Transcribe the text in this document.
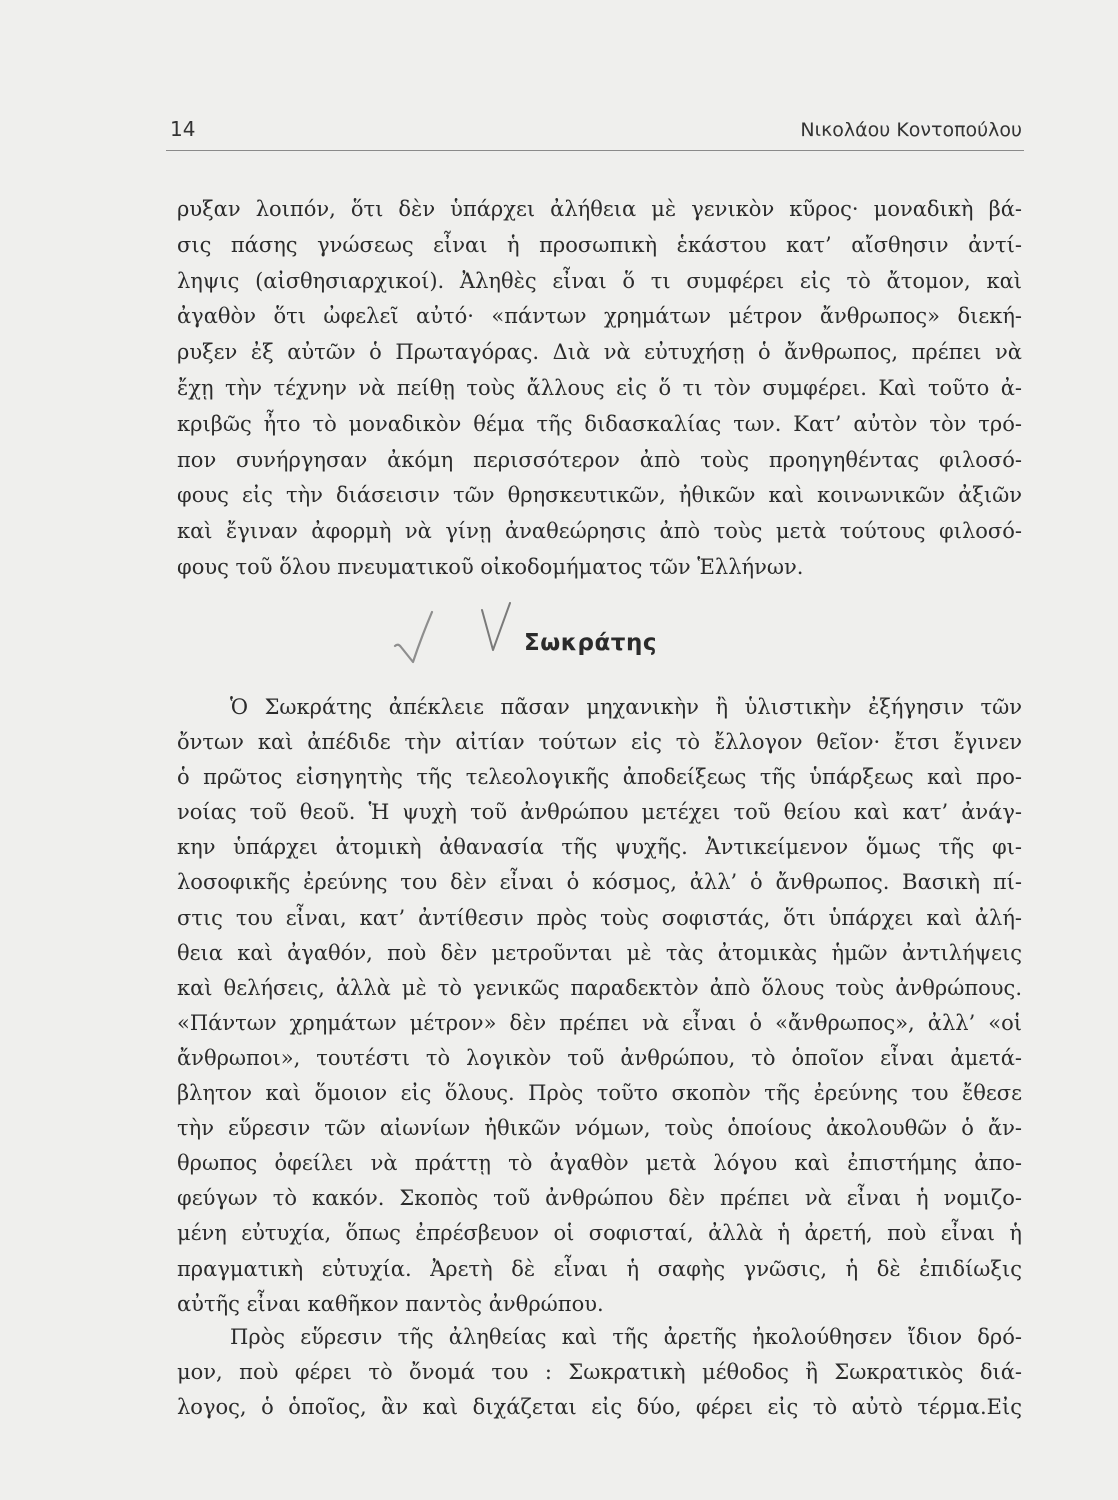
14	Νικολάου Κοντοπούλου
ρυξαν λοιπόν, ὅτι δὲν ὑπάρχει ἀλήθεια μὲ γενικὸν κῦρος· μοναδικὴ βά-
σις πάσης γνώσεως εἶναι ἡ προσωπικὴ ἑκάστου κατ’ αἴσθησιν ἀντί-
ληψις (αἰσθησιαρχικοί). Ἀληθὲς εἶναι ὅ τι συμφέρει εἰς τὸ ἄτομον, καὶ
ἀγαθὸν ὅτι ὠφελεῖ αὐτό· «πάντων χρημάτων μέτρον ἄνθρωπος» διεκή-
ρυξεν ἐξ αὐτῶν ὁ Πρωταγόρας. Διὰ νὰ εὐτυχήσῃ ὁ ἄνθρωπος, πρέπει νὰ
ἔχῃ τὴν τέχνην νὰ πείθῃ τοὺς ἄλλους εἰς ὅ τι τὸν συμφέρει. Καὶ τοῦτο ἀ-
κριβῶς ἦτο τὸ μοναδικὸν θέμα τῆς διδασκαλίας των. Κατ’ αὐτὸν τὸν τρό-
πον συνήργησαν ἀκόμη περισσότερον ἀπὸ τοὺς προηγηθέντας φιλοσό-
φους εἰς τὴν διάσεισιν τῶν θρησκευτικῶν, ἠθικῶν καὶ κοινωνικῶν ἀξιῶν
καὶ ἔγιναν ἀφορμὴ νὰ γίνῃ ἀναθεώρησις ἀπὸ τοὺς μετὰ τούτους φιλοσό-
φους τοῦ ὅλου πνευματικοῦ οἰκοδομήματος τῶν Ἑλλήνων.
Σωκράτης
Ὁ Σωκράτης ἀπέκλειε πᾶσαν μηχανικὴν ἢ ὑλιστικὴν ἐξήγησιν τῶν
ὄντων καὶ ἀπέδιδε τὴν αἰτίαν τούτων εἰς τὸ ἔλλογον θεῖον· ἔτσι ἔγινεν
ὁ πρῶτος εἰσηγητὴς τῆς τελεολογικῆς ἀποδείξεως τῆς ὑπάρξεως καὶ προ-
νοίας τοῦ θεοῦ. Ἡ ψυχὴ τοῦ ἀνθρώπου μετέχει τοῦ θείου καὶ κατ’ ἀνάγ-
κην ὑπάρχει ἀτομικὴ ἀθανασία τῆς ψυχῆς. Ἀντικείμενον ὅμως τῆς φι-
λοσοφικῆς ἐρεύνης του δὲν εἶναι ὁ κόσμος, ἀλλ’ ὁ ἄνθρωπος. Βασικὴ πί-
στις του εἶναι, κατ’ ἀντίθεσιν πρὸς τοὺς σοφιστάς, ὅτι ὑπάρχει καὶ ἀλή-
θεια καὶ ἀγαθόν, ποὺ δὲν μετροῦνται μὲ τὰς ἀτομικὰς ἡμῶν ἀντιλήψεις
καὶ θελήσεις, ἀλλὰ μὲ τὸ γενικῶς παραδεκτὸν ἀπὸ ὅλους τοὺς ἀνθρώπους.
«Πάντων χρημάτων μέτρον» δὲν πρέπει νὰ εἶναι ὁ «ἄνθρωπος», ἀλλ’ «οἱ
ἄνθρωποι», τουτέστι τὸ λογικὸν τοῦ ἀνθρώπου, τὸ ὁποῖον εἶναι ἀμετά-
βλητον καὶ ὅμοιον εἰς ὅλους. Πρὸς τοῦτο σκοπὸν τῆς ἐρεύνης του ἔθεσε
τὴν εὕρεσιν τῶν αἰωνίων ἠθικῶν νόμων, τοὺς ὁποίους ἀκολουθῶν ὁ ἄν-
θρωπος ὀφείλει νὰ πράττῃ τὸ ἀγαθὸν μετὰ λόγου καὶ ἐπιστήμης ἀπο-
φεύγων τὸ κακόν. Σκοπὸς τοῦ ἀνθρώπου δὲν πρέπει νὰ εἶναι ἡ νομιζο-
μένη εὐτυχία, ὅπως ἐπρέσβευον οἱ σοφισταί, ἀλλὰ ἡ ἀρετή, ποὺ εἶναι ἡ
πραγματικὴ εὐτυχία. Ἀρετὴ δὲ εἶναι ἡ σαφὴς γνῶσις, ἡ δὲ ἐπιδίωξις
αὐτῆς εἶναι καθῆκον παντὸς ἀνθρώπου.
Πρὸς εὕρεσιν τῆς ἀληθείας καὶ τῆς ἀρετῆς ἠκολούθησεν ἴδιον δρό-
μον, ποὺ φέρει τὸ ὄνομά του : Σωκρατικὴ μέθοδος ἢ Σωκρατικὸς διά-
λογος, ὁ ὁποῖος, ἂν καὶ διχάζεται εἰς δύο, φέρει εἰς τὸ αὐτὸ τέρμα.Εἰς
